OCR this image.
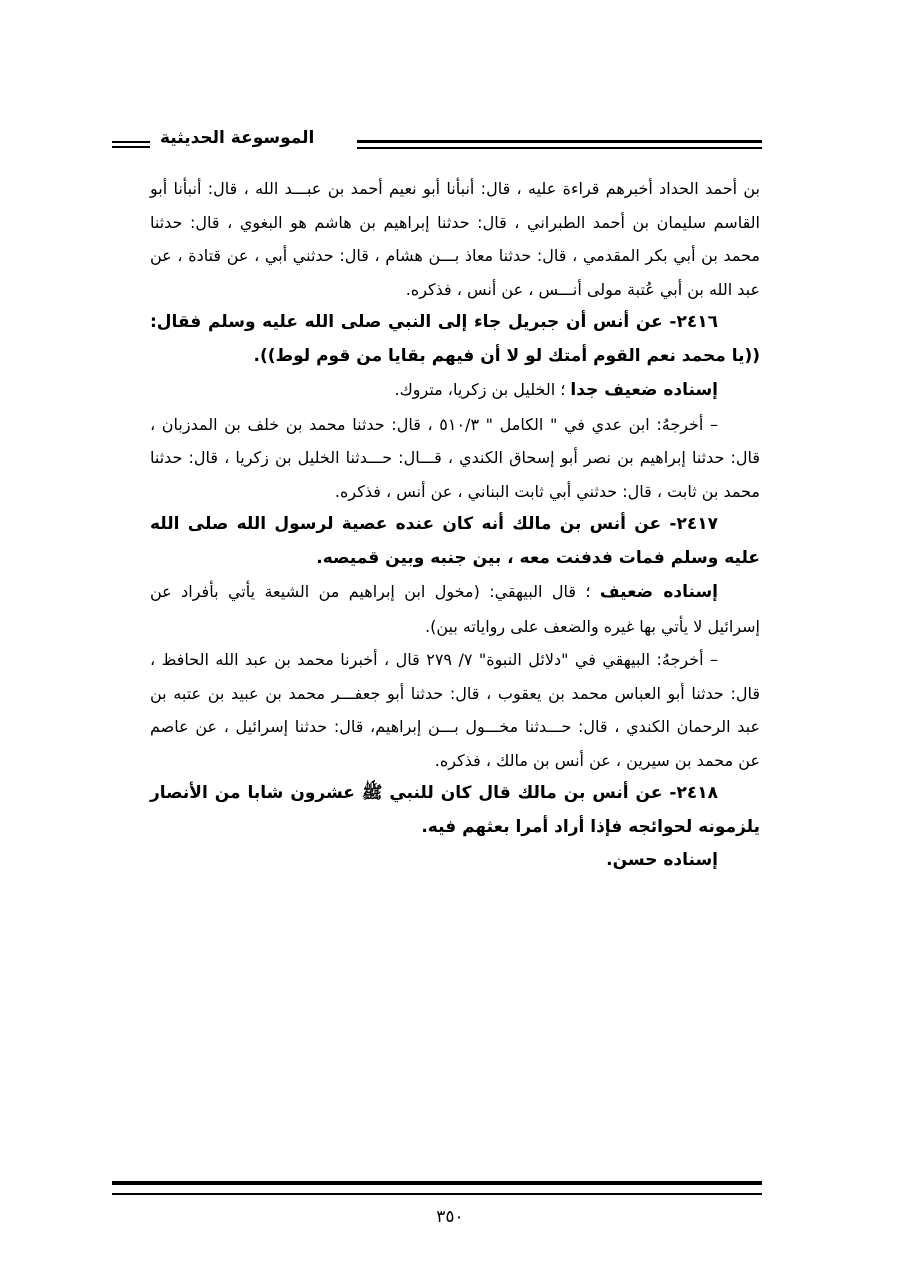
الموسوعة الحديثية

بن أحمد الحداد أخبرهم قراءة عليه ، قال: أنبأنا أبو نعيم أحمد بن عبـــد الله ، قال: أنبأنا أبو القاسم سليمان بن أحمد الطبراني ، قال: حدثنا إبراهيم بن هاشم هو البغوي ، قال: حدثنا محمد بن أبي بكر المقدمي ، قال: حدثنا معاذ بـــن هشام ، قال: حدثني أبي ، عن قتادة ، عن عبد الله بن أبي عُتبة مولى أنـــس ، عن أنس ، فذكره.

٢٤١٦- عن أنس أن جبريل جاء إلى النبي صلى الله عليه وسلم فقال: ((يا محمد نعم القوم أمتك لو لا أن فيهم بقايا من قوم لوط)).

إسناده ضعيف جدا ؛ الخليل بن زكريا، متروك.

– أخرجهُ: ابن عدي في " الكامل " ٥١٠/٣ ، قال: حدثنا محمد بن خلف بن المدزبان ، قال: حدثنا إبراهيم بن نصر أبو إسحاق الكندي ، قـــال: حـــدثنا الخليل بن زكريا ، قال: حدثنا محمد بن ثابت ، قال: حدثني أبي ثابت البناني ، عن أنس ، فذكره.

٢٤١٧- عن أنس بن مالك أنه كان عنده عصية لرسول الله صلى الله عليه وسلم فمات فدفنت معه ، بين جنبه وبين قميصه.

إسناده ضعيف ؛ قال البيهقي: (مخول ابن إبراهيم من الشيعة يأتي بأفراد عن إسرائيل لا يأتي بها غيره والضعف على رواياته بين).

– أخرجهُ: البيهقي في "دلائل النبوة" ٧/ ٢٧٩ قال ، أخبرنا محمد بن عبد الله الحافظ ، قال: حدثنا أبو العباس محمد بن يعقوب ، قال: حدثنا أبو جعفـــر محمد بن عبيد بن عتبه بن عبد الرحمان الكندي ، قال: حـــدثنا مخـــول بـــن إبراهيم، قال: حدثنا إسرائيل ، عن عاصم عن محمد بن سيرين ، عن أنس بن مالك ، فذكره.

٢٤١٨- عن أنس بن مالك قال كان للنبي ﷺ عشرون شابا من الأنصار يلزمونه لحوائجه فإذا أراد أمرا بعثهم فيه.

إسناده حسن.

٣٥٠
